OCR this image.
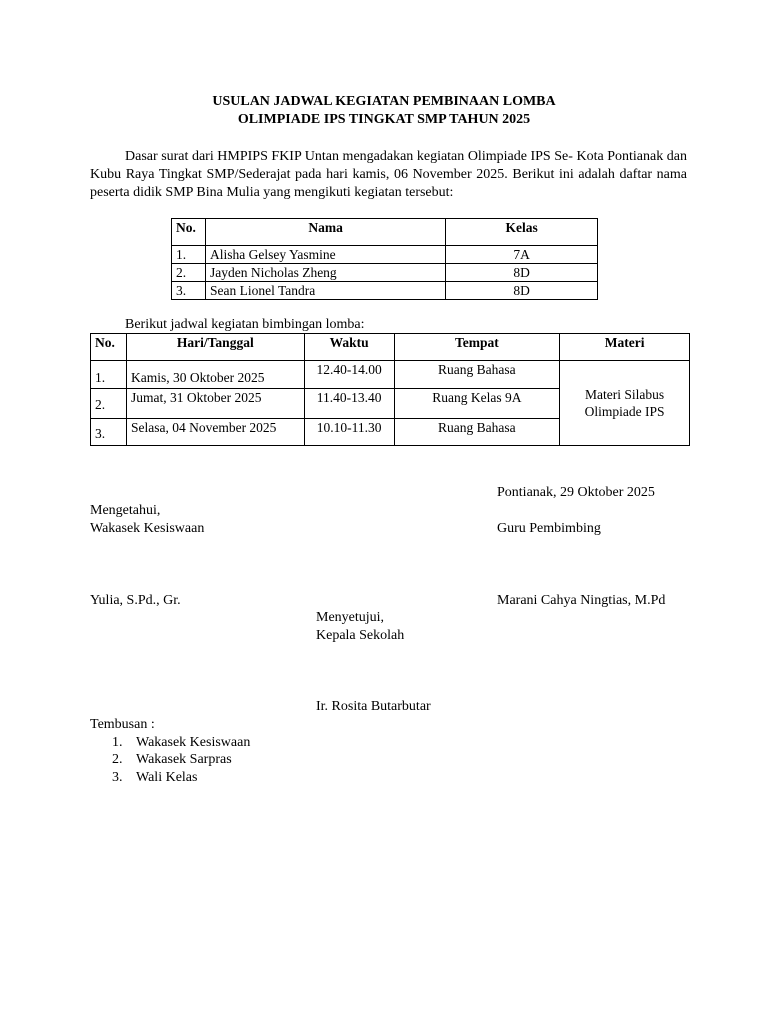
USULAN JADWAL KEGIATAN PEMBINAAN LOMBA
OLIMPIADE IPS TINGKAT SMP TAHUN 2025
Dasar surat dari HMPIPS FKIP Untan mengadakan kegiatan Olimpiade IPS Se- Kota Pontianak dan Kubu Raya Tingkat SMP/Sederajat pada hari kamis, 06 November 2025. Berikut ini adalah daftar nama peserta didik SMP Bina Mulia yang mengikuti kegiatan tersebut:
No.	Nama	Kelas
1.	Alisha Gelsey Yasmine	7A
2.	Jayden Nicholas Zheng	8D
3.	Sean Lionel Tandra	8D
Berikut jadwal kegiatan bimbingan lomba:
No.	Hari/Tanggal	Waktu	Tempat	Materi
1.	Kamis, 30 Oktober 2025	12.40-14.00	Ruang Bahasa	Materi Silabus
Olimpiade IPS

2.	Jumat, 31 Oktober 2025	11.40-13.40	Ruang Kelas 9A	
3.	Selasa, 04 November 2025	10.10-11.30	Ruang Bahasa	
Pontianak, 29 Oktober 2025
Mengetahui,
Wakasek Kesiswaan	Guru Pembimbing
Yulia, S.Pd., Gr.	Marani Cahya Ningtias, M.Pd
Menyetujui,
Kepala Sekolah
Ir. Rosita Butarbutar
Tembusan :
1. Wakasek Kesiswaan
2. Wakasek Sarpras
3. Wali Kelas
